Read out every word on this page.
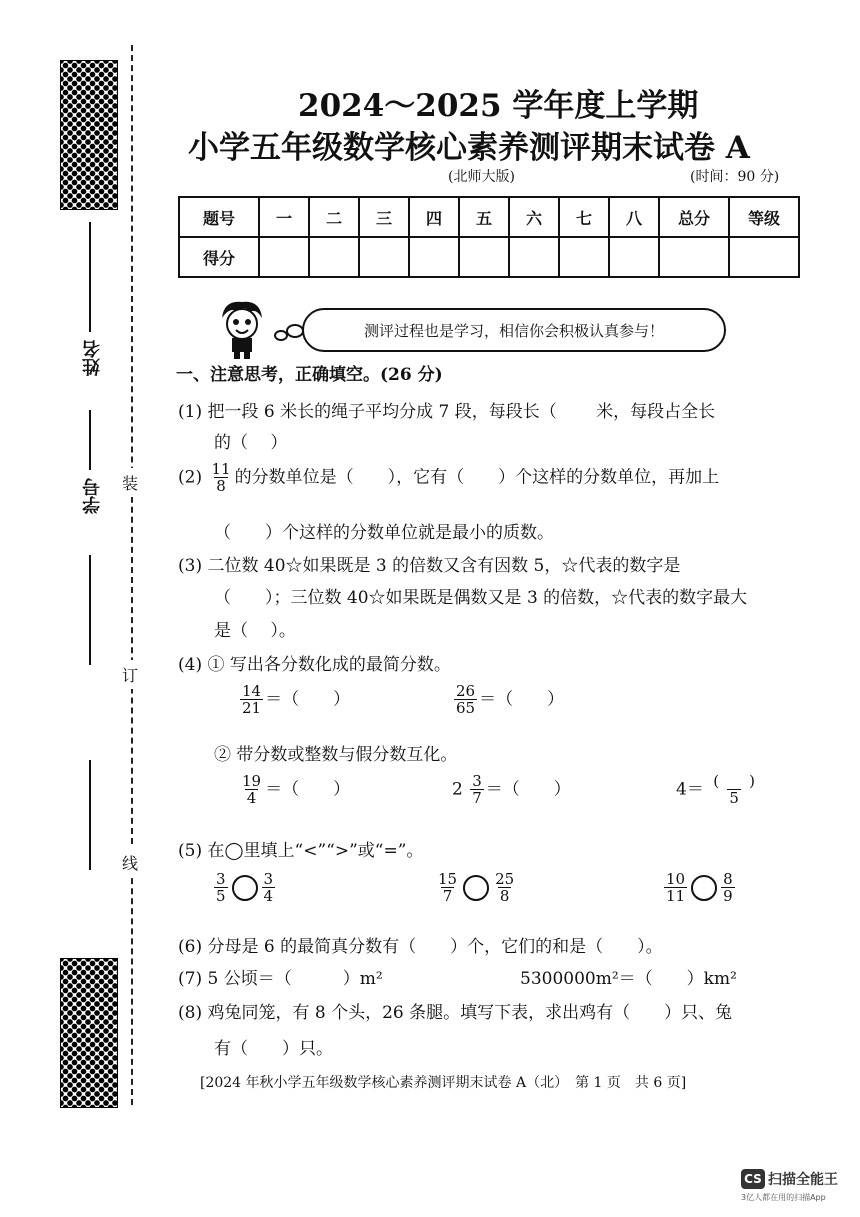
姓名
学号 装
订
线
2024～2025 学年度上学期
小学五年级数学核心素养测评期末试卷 A
(北师大版)	(时间：90 分)
题号	一	二	三	四	五	六	七	八	总分	等级
得分										
测评过程也是学习，相信你会积极认真参与！
一、注意思考，正确填空。(26 分)
(1) 把一段 6 米长的绳子平均分成 7 段，每段长（　　 米，每段占全长
的（　 ）
$(2) \frac{11}{8}$ 的分数单位是（　　），它有（　　）个这样的分数单位，再加上
（　　）个这样的分数单位就是最小的质数。
(3) 二位数 40☆如果既是 3 的倍数又含有因数 5，☆代表的数字是
（　　）；三位数 40☆如果既是偶数又是 3 的倍数，☆代表的数字最大
是（　 ）。
(4) ① 写出各分数化成的最简分数。
$\frac{14}{21}$ ＝（　　）	$\frac{26}{65}$ ＝（　　）
② 带分数或整数与假分数互化。
$\frac{19}{4}$ ＝（　　）	$2 \frac{3}{7}$ ＝（　　）	$4= \frac{( )}{5}$
(5) 在◯里填上“<”“>”或“=”。
$\frac{3}{5} \frac{3}{4}$	$\frac{15}{7} \frac{25}{8}$	$\frac{10}{11} \frac{8}{9}$
(6) 分母是 6 的最简真分数有（　　）个，它们的和是（　　）。
(7) 5 公顷＝（　　　）m²	5300000m²＝（　　）km²
(8) 鸡兔同笼，有 8 个头，26 条腿。填写下表，求出鸡有（　　）只、兔
有（　　）只。
[2024 年秋小学五年级数学核心素养测评期末试卷 A（北）　第 1 页　共 6 页]
CS 扫描全能王
3亿人都在用的扫描App
